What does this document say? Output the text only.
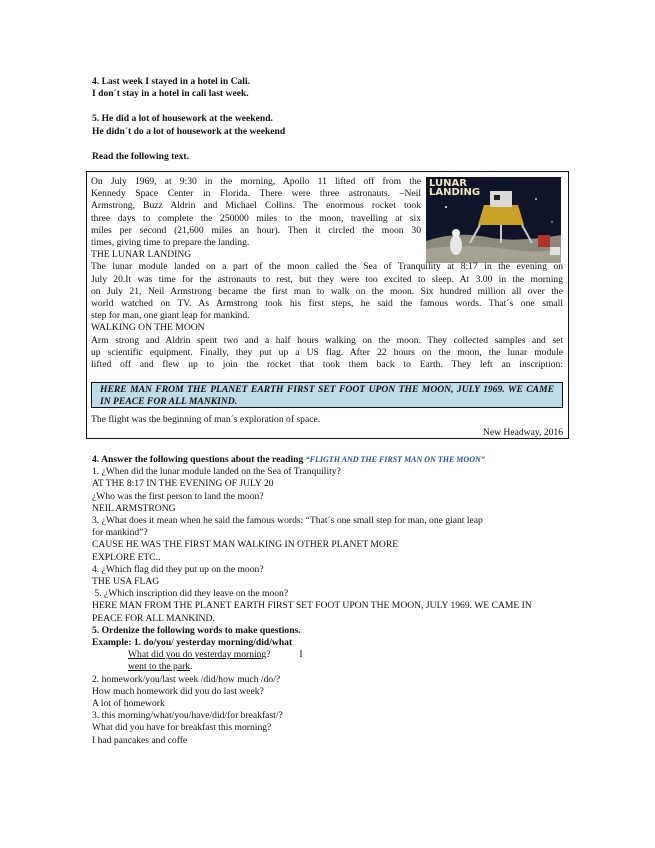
4. Last week I stayed in a hotel in Cali.

I don´t stay in a hotel in cali last week.

5. He did a lot of housework at the weekend.

He didn´t do a lot of housework at the weekend

Read the following text.

LUNAR LANDING
On July 1969, at 9:30 in the morning, Apollo 11 lifted off from the
Kennedy Space Center in Florida. There were three astronauts. –Neil
Armstrong, Buzz Aldrin and Michael Collins. The enormous rocket took
three days to complete the 250000 miles to the moon, travelling at six
miles per second (21,600 miles an hour). Then it circled the moon 30
times, giving time to prepare the landing.
THE LUNAR LANDING
The lunar module landed on a part of the moon called the Sea of Tranquility at 8:17 in the evening on
July 20.It was time for the astronauts to rest, but they were too excited to sleep. At 3.00 in the morning
on July 21, Neil Armstrong became the first man to walk on the moon. Six hundred million all over the
world watched on TV. As Armstrong took his first steps, he said the famous words. That´s one small
step for man, one giant leap for mankind.
WALKING ON THE MOON
Arm strong and Aldrin spent two and a half hours walking on the moon. They collected samples and set
up scientific equipment. Finally, they put up a US flag. After 22 hours on the moon, the lunar module
lifted off and flew up to join the rocket that took them back to Earth. They left an inscription:
HERE MAN FROM THE PLANET EARTH FIRST SET FOOT UPON THE MOON, JULY 1969. WE CAME
IN PEACE FOR ALL MANKIND.
The flight was the beginning of man´s exploration of space.
New Headway, 2016

4. Answer the following questions about the reading “FLIGTH AND THE FIRST MAN ON THE MOON”

1. ¿When did the lunar module landed on the Sea of Tranquility?

AT THE 8:17 IN THE EVENING OF JULY 20

¿Who was the first person to land the moon?

NEIL ARMSTRONG

3. ¿What does it mean when he said the famous words: “That´s one small step for man, one giant leap

for mankind”?

CAUSE HE WAS THE FIRST MAN WALKING IN OTHER PLANET MORE

EXPLORE ETC..

4. ¿Which flag did they put up on the moon?

THE USA FLAG

5. ¿Which inscription did they leave on the moon?

HERE MAN FROM THE PLANET EARTH FIRST SET FOOT UPON THE MOON, JULY 1969. WE CAME IN

PEACE FOR ALL MANKIND.

5. Ordenize the following words to make questions.

Example: 1. do/you/ yesterday morning/did/what

What did you do yesterday morning?	I

went to the park.

2. homework/you/last week /did/how much /do/?

How much homework did you do last week?

A lot of homework

3. this morning/what/you/have/did/for breakfast/?

What did you have for breakfast this morning?

I had pancakes and coffe
